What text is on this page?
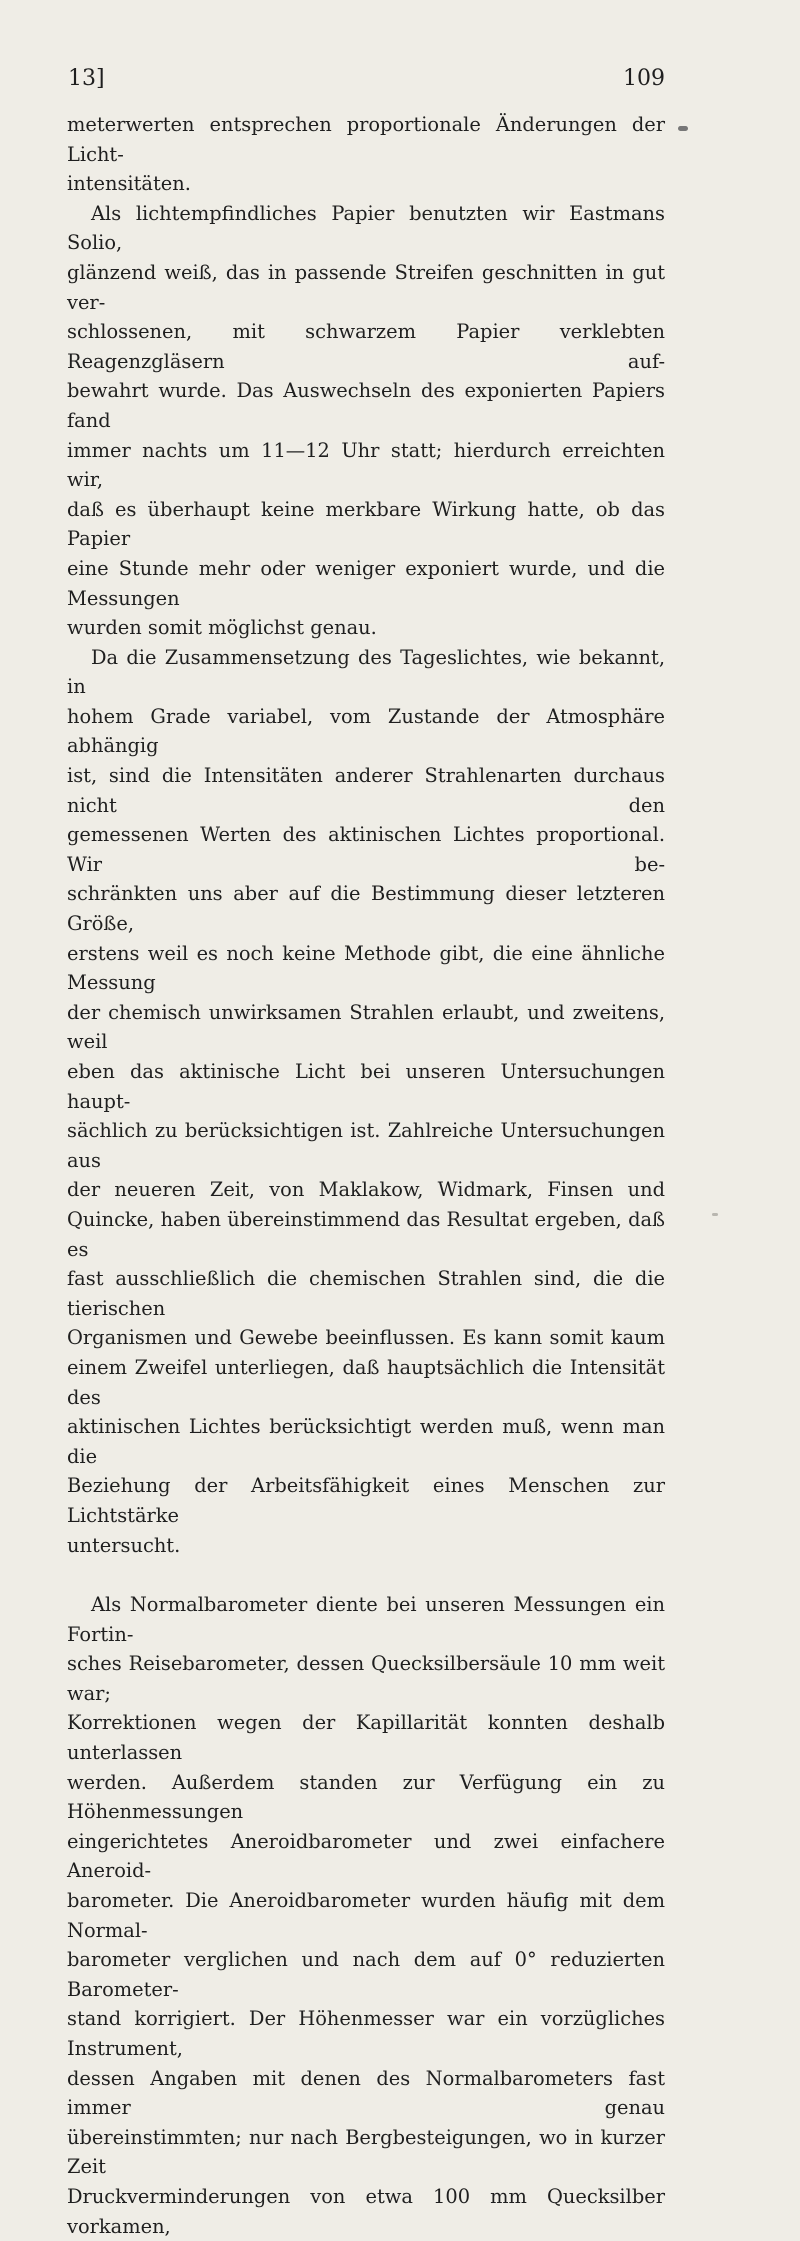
13]	109

meterwerten entsprechen proportionale Änderungen der Licht-
intensitäten.

Als lichtempfindliches Papier benutzten wir Eastmans Solio,
glänzend weiß, das in passende Streifen geschnitten in gut ver-
schlossenen, mit schwarzem Papier verklebten Reagenzgläsern auf-
bewahrt wurde. Das Auswechseln des exponierten Papiers fand
immer nachts um 11—12 Uhr statt; hierdurch erreichten wir,
daß es überhaupt keine merkbare Wirkung hatte, ob das Papier
eine Stunde mehr oder weniger exponiert wurde, und die Messungen
wurden somit möglichst genau.

Da die Zusammensetzung des Tageslichtes, wie bekannt, in
hohem Grade variabel, vom Zustande der Atmosphäre abhängig
ist, sind die Intensitäten anderer Strahlenarten durchaus nicht den
gemessenen Werten des aktinischen Lichtes proportional. Wir be-
schränkten uns aber auf die Bestimmung dieser letzteren Größe,
erstens weil es noch keine Methode gibt, die eine ähnliche Messung
der chemisch unwirksamen Strahlen erlaubt, und zweitens, weil
eben das aktinische Licht bei unseren Untersuchungen haupt-
sächlich zu berücksichtigen ist. Zahlreiche Untersuchungen aus
der neueren Zeit, von Maklakow, Widmark, Finsen und
Quincke, haben übereinstimmend das Resultat ergeben, daß es
fast ausschließlich die chemischen Strahlen sind, die die tierischen
Organismen und Gewebe beeinflussen. Es kann somit kaum
einem Zweifel unterliegen, daß hauptsächlich die Intensität des
aktinischen Lichtes berücksichtigt werden muß, wenn man die
Beziehung der Arbeitsfähigkeit eines Menschen zur Lichtstärke
untersucht.

Als Normalbarometer diente bei unseren Messungen ein Fortin-
sches Reisebarometer, dessen Quecksilbersäule 10 mm weit war;
Korrektionen wegen der Kapillarität konnten deshalb unterlassen
werden. Außerdem standen zur Verfügung ein zu Höhenmessungen
eingerichtetes Aneroidbarometer und zwei einfachere Aneroid-
barometer. Die Aneroidbarometer wurden häufig mit dem Normal-
barometer verglichen und nach dem auf 0° reduzierten Barometer-
stand korrigiert. Der Höhenmesser war ein vorzügliches Instrument,
dessen Angaben mit denen des Normalbarometers fast immer genau
übereinstimmten; nur nach Bergbesteigungen, wo in kurzer Zeit
Druckverminderungen von etwa 100 mm Quecksilber vorkamen,
